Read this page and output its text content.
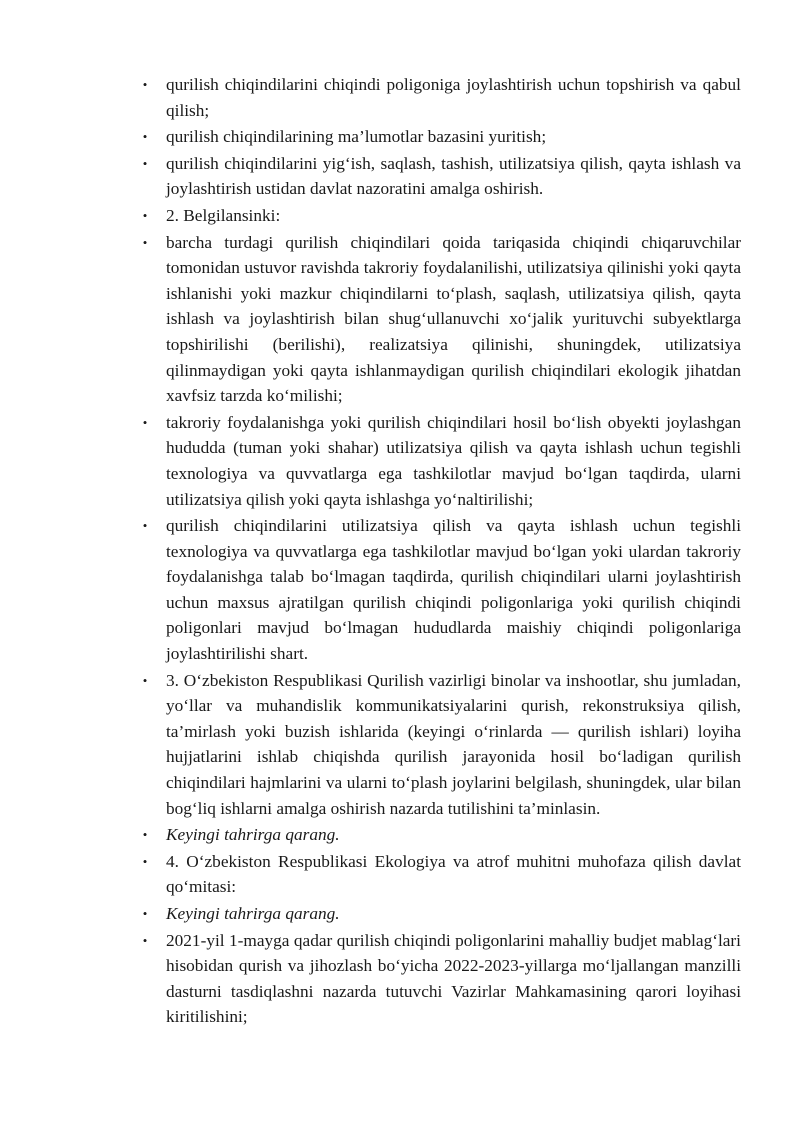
• qurilish chiqindilarini chiqindi poligoniga joylashtirish uchun topshirish va qabul qilish;
• qurilish chiqindilarining ma’lumotlar bazasini yuritish;
• qurilish chiqindilarini yig‘ish, saqlash, tashish, utilizatsiya qilish, qayta ishlash va joylashtirish ustidan davlat nazoratini amalga oshirish.
• 2. Belgilansinki:
• barcha turdagi qurilish chiqindilari qoida tariqasida chiqindi chiqaruvchilar tomonidan ustuvor ravishda takroriy foydalanilishi, utilizatsiya qilinishi yoki qayta ishlanishi yoki mazkur chiqindilarni to‘plash, saqlash, utilizatsiya qilish, qayta ishlash va joylashtirish bilan shug‘ullanuvchi xo‘jalik yurituvchi subyektlarga topshirilishi (berilishi), realizatsiya qilinishi, shuningdek, utilizatsiya qilinmaydigan yoki qayta ishlanmaydigan qurilish chiqindilari ekologik jihatdan xavfsiz tarzda ko‘milishi;
• takroriy foydalanishga yoki qurilish chiqindilari hosil bo‘lish obyekti joylashgan hududda (tuman yoki shahar) utilizatsiya qilish va qayta ishlash uchun tegishli texnologiya va quvvatlarga ega tashkilotlar mavjud bo‘lgan taqdirda, ularni utilizatsiya qilish yoki qayta ishlashga yo‘naltirilishi;
• qurilish chiqindilarini utilizatsiya qilish va qayta ishlash uchun tegishli texnologiya va quvvatlarga ega tashkilotlar mavjud bo‘lgan yoki ulardan takroriy foydalanishga talab bo‘lmagan taqdirda, qurilish chiqindilari ularni joylashtirish uchun maxsus ajratilgan qurilish chiqindi poligonlariga yoki qurilish chiqindi poligonlari mavjud bo‘lmagan hududlarda maishiy chiqindi poligonlariga joylashtirilishi shart.
• 3. O‘zbekiston Respublikasi Qurilish vazirligi binolar va inshootlar, shu jumladan, yo‘llar va muhandislik kommunikatsiyalarini qurish, rekonstruksiya qilish, ta’mirlash yoki buzish ishlarida (keyingi o‘rinlarda — qurilish ishlari) loyiha hujjatlarini ishlab chiqishda qurilish jarayonida hosil bo‘ladigan qurilish chiqindilari hajmlarini va ularni to‘plash joylarini belgilash, shuningdek, ular bilan bog‘liq ishlarni amalga oshirish nazarda tutilishini ta’minlasin.
• Keyingi tahrirga qarang.
• 4. O‘zbekiston Respublikasi Ekologiya va atrof muhitni muhofaza qilish davlat qo‘mitasi:
• Keyingi tahrirga qarang.
• 2021-yil 1-mayga qadar qurilish chiqindi poligonlarini mahalliy budjet mablag‘lari hisobidan qurish va jihozlash bo‘yicha 2022-2023-yillarga mo‘ljallangan manzilli dasturni tasdiqlashni nazarda tutuvchi Vazirlar Mahkamasining qarori loyihasi kiritilishini;
